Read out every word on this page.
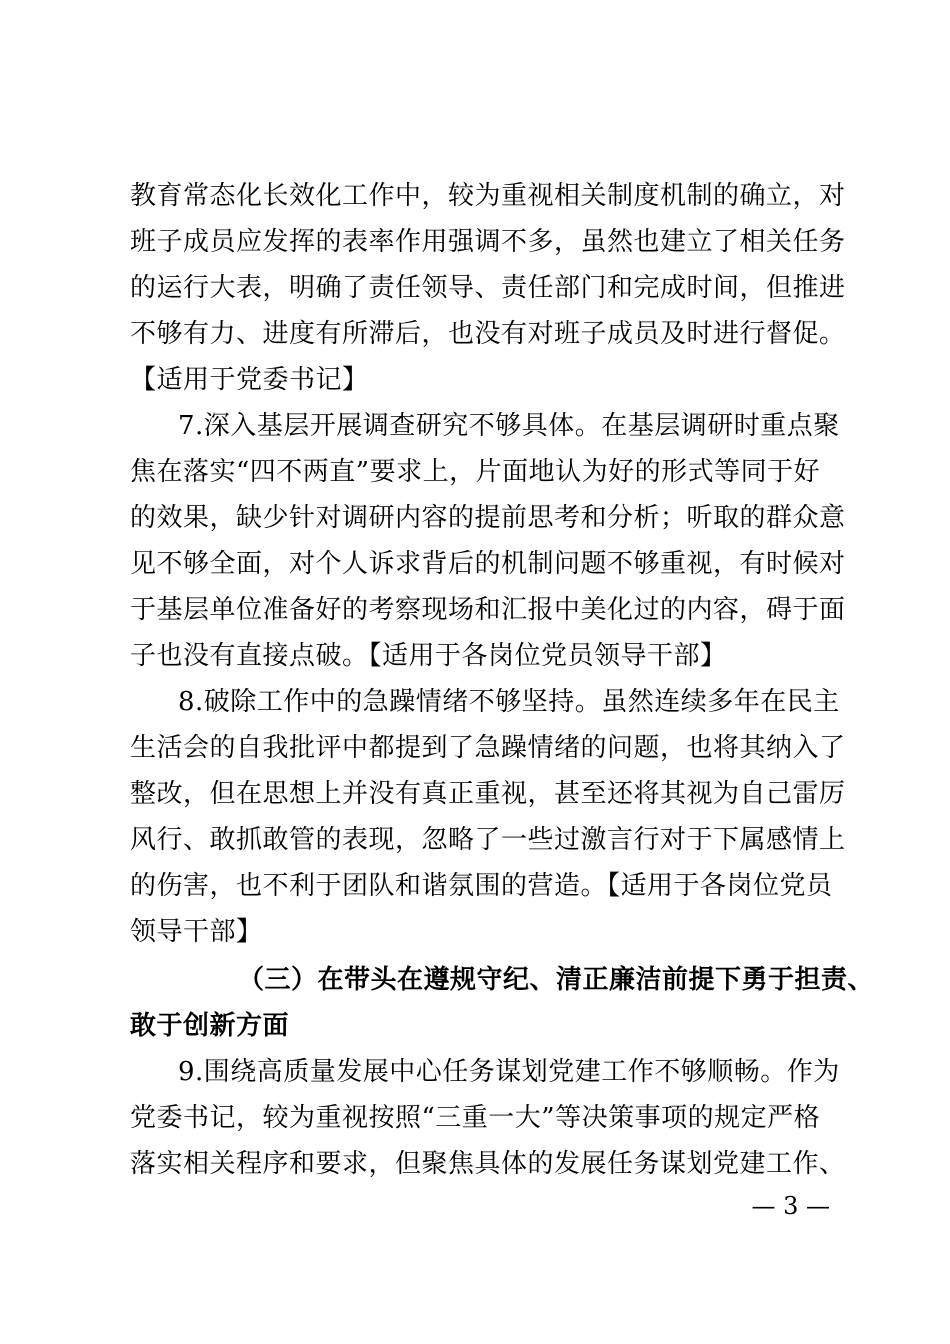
教育常态化长效化工作中，较为重视相关制度机制的确立，对
班子成员应发挥的表率作用强调不多，虽然也建立了相关任务
的运行大表，明确了责任领导、责任部门和完成时间，但推进
不够有力、进度有所滞后，也没有对班子成员及时进行督促。
【适用于党委书记】
7.深入基层开展调查研究不够具体。在基层调研时重点聚
焦在落实“四不两直”要求上，片面地认为好的形式等同于好
的效果，缺少针对调研内容的提前思考和分析；听取的群众意
见不够全面，对个人诉求背后的机制问题不够重视，有时候对
于基层单位准备好的考察现场和汇报中美化过的内容，碍于面
子也没有直接点破。【适用于各岗位党员领导干部】
8.破除工作中的急躁情绪不够坚持。虽然连续多年在民主
生活会的自我批评中都提到了急躁情绪的问题，也将其纳入了
整改，但在思想上并没有真正重视，甚至还将其视为自己雷厉
风行、敢抓敢管的表现，忽略了一些过激言行对于下属感情上
的伤害，也不利于团队和谐氛围的营造。【适用于各岗位党员
领导干部】
（三）在带头在遵规守纪、清正廉洁前提下勇于担责、
敢于创新方面
9.围绕高质量发展中心任务谋划党建工作不够顺畅。作为
党委书记，较为重视按照“三重一大”等决策事项的规定严格
落实相关程序和要求，但聚焦具体的发展任务谋划党建工作、
— 3 —
